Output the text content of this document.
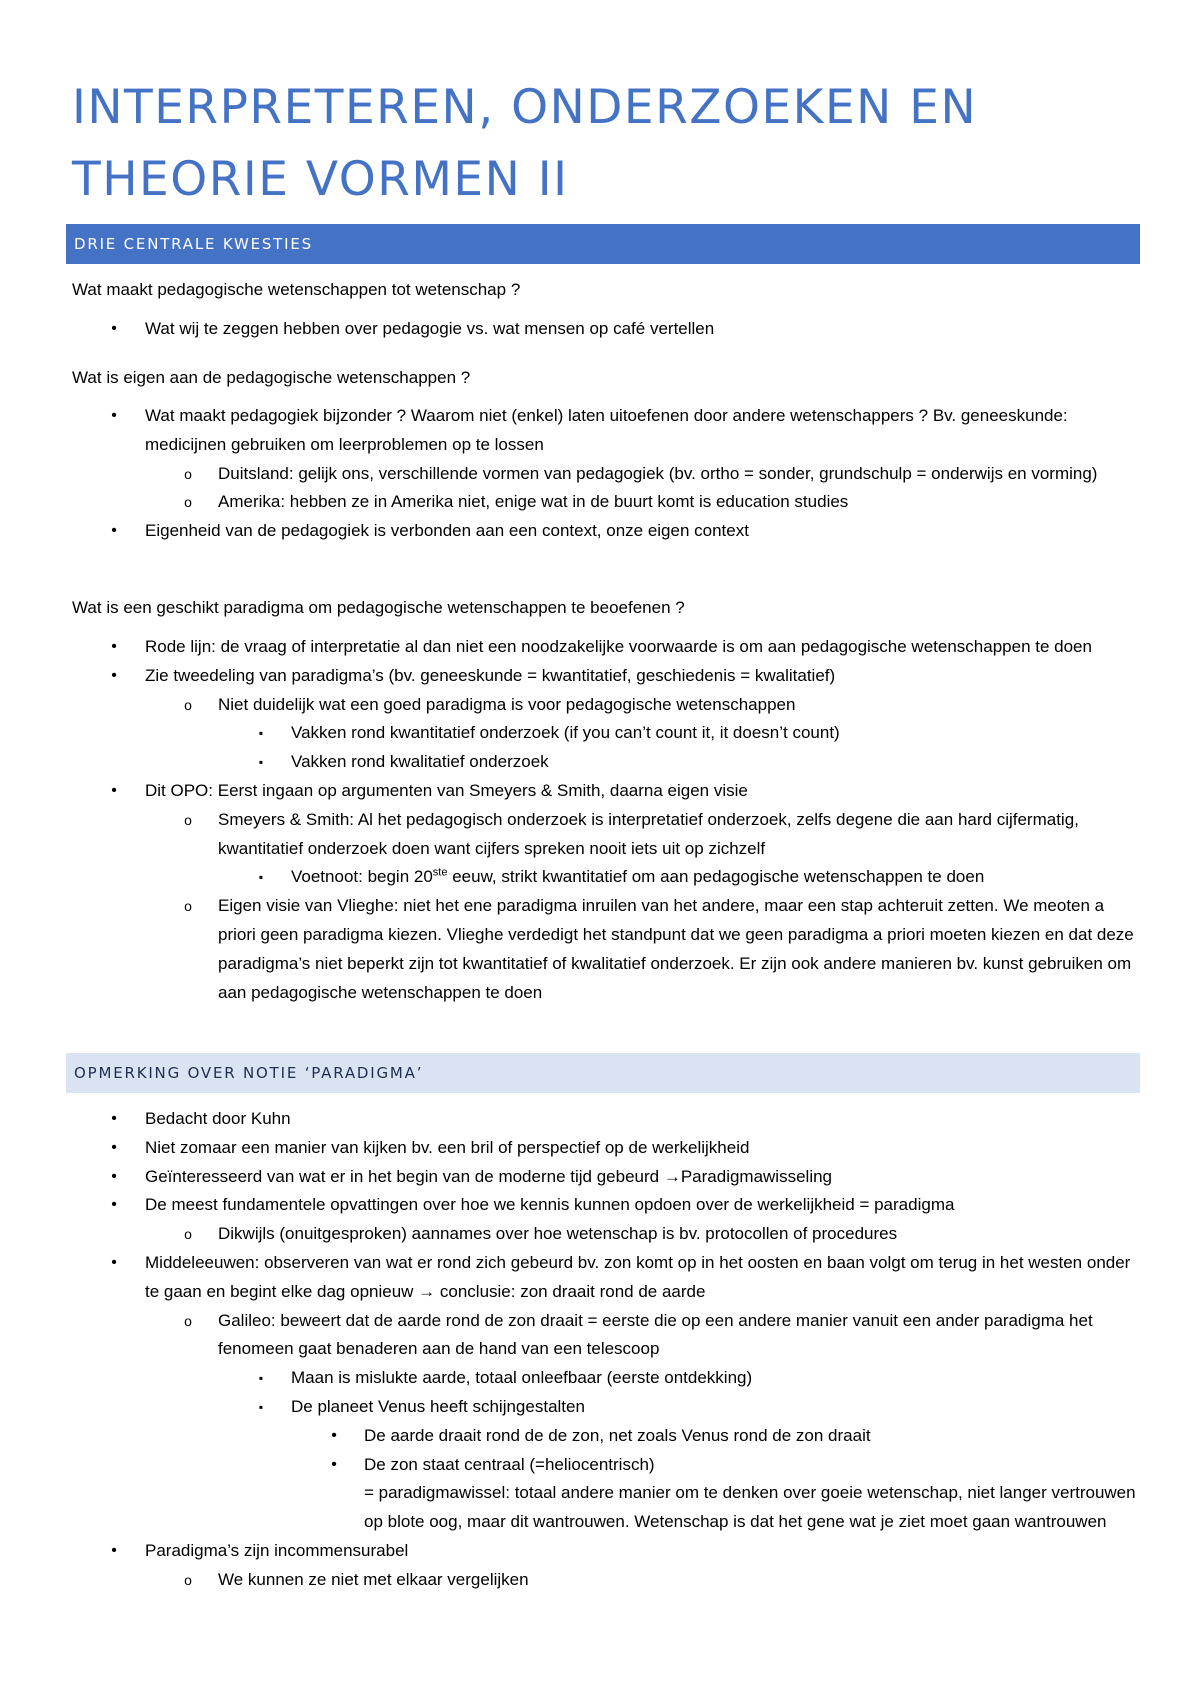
INTERPRETEREN, ONDERZOEKEN EN
THEORIE VORMEN II
DRIE CENTRALE KWESTIES

Wat maakt pedagogische wetenschappen tot wetenschap ?

•	Wat wij te zeggen hebben over pedagogie vs. wat mensen op café vertellen

Wat is eigen aan de pedagogische wetenschappen ?

•	Wat maakt pedagogiek bijzonder ? Waarom niet (enkel) laten uitoefenen door andere wetenschappers ? Bv. geneeskunde: medicijnen gebruiken om leerproblemen op te lossen
o Duitsland: gelijk ons, verschillende vormen van pedagogiek (bv. ortho = sonder, grundschulp = onderwijs en vorming)
o Amerika: hebben ze in Amerika niet, enige wat in de buurt komt is education studies
•	Eigenheid van de pedagogiek is verbonden aan een context, onze eigen context

Wat is een geschikt paradigma om pedagogische wetenschappen te beoefenen ?

•	Rode lijn: de vraag of interpretatie al dan niet een noodzakelijke voorwaarde is om aan pedagogische wetenschappen te doen
•	Zie tweedeling van paradigma’s (bv. geneeskunde = kwantitatief, geschiedenis = kwalitatief)
o Niet duidelijk wat een goed paradigma is voor pedagogische wetenschappen
▪	Vakken rond kwantitatief onderzoek (if you can’t count it, it doesn’t count)
▪	Vakken rond kwalitatief onderzoek
•	Dit OPO: Eerst ingaan op argumenten van Smeyers & Smith, daarna eigen visie
o Smeyers & Smith: Al het pedagogisch onderzoek is interpretatief onderzoek, zelfs degene die aan hard cijfermatig, kwantitatief onderzoek doen want cijfers spreken nooit iets uit op zichzelf
▪	Voetnoot: begin 20ste eeuw, strikt kwantitatief om aan pedagogische wetenschappen te doen
o Eigen visie van Vlieghe: niet het ene paradigma inruilen van het andere, maar een stap achteruit zetten. We meoten a priori geen paradigma kiezen. Vlieghe verdedigt het standpunt dat we geen paradigma a priori moeten kiezen en dat deze paradigma’s niet beperkt zijn tot kwantitatief of kwalitatief onderzoek. Er zijn ook andere manieren bv. kunst gebruiken om aan pedagogische wetenschappen te doen
OPMERKING OVER NOTIE ‘PARADIGMA’
•	Bedacht door Kuhn
•	Niet zomaar een manier van kijken bv. een bril of perspectief op de werkelijkheid
•	Geïnteresseerd van wat er in het begin van de moderne tijd gebeurd →Paradigmawisseling
•	De meest fundamentele opvattingen over hoe we kennis kunnen opdoen over de werkelijkheid = paradigma
o Dikwijls (onuitgesproken) aannames over hoe wetenschap is bv. protocollen of procedures
•	Middeleeuwen: observeren van wat er rond zich gebeurd bv. zon komt op in het oosten en baan volgt om terug in het westen onder te gaan en begint elke dag opnieuw → conclusie: zon draait rond de aarde
o Galileo: beweert dat de aarde rond de zon draait = eerste die op een andere manier vanuit een ander paradigma het fenomeen gaat benaderen aan de hand van een telescoop
▪	Maan is mislukte aarde, totaal onleefbaar (eerste ontdekking)
▪	De planeet Venus heeft schijngestalten
•	De aarde draait rond de de zon, net zoals Venus rond de zon draait
•	De zon staat centraal (=heliocentrisch)
= paradigmawissel: totaal andere manier om te denken over goeie wetenschap, niet langer vertrouwen op blote oog, maar dit wantrouwen. Wetenschap is dat het gene wat je ziet moet gaan wantrouwen
•	Paradigma’s zijn incommensurabel
o We kunnen ze niet met elkaar vergelijken
